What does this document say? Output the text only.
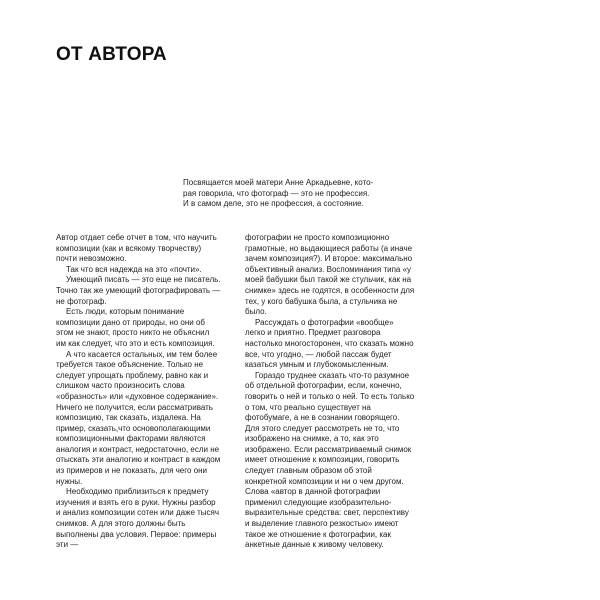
ОТ АВТОРА

Посвящается моей матери Анне Аркадьевне, кото-

рая говорила, что фотограф — это не профессия.

И в самом деле, это не профессия, а состояние.

Автор отдает себе отчет в том, что научить композиции (как и всякому творчеству) почти невозможно.

Так что вся надежда на это «почти».

Умеющий писать — это еще не писатель. Точно так же умеющий фотографировать — не фотограф.

Есть люди, которым понимание композиции дано от природы, но они об этом не знают, просто никто не объяснил им как следует, что это и есть композиция.

А что касается остальных, им тем более требуется такое объяснение. Только не следует упрощать проблему, равно как и слишком часто произносить слова «образность» или «духовное содержание». Ничего не получится, если рассматривать композицию, так сказать, издалека. На пример, сказать,что основополагающими композиционными факторами являются аналогия и контраст, недостаточно, если не отыскать эти аналогию и контраст в каждом из примеров и не показать, для чего они нужны.

Необходимо приблизиться к предмету изучения и взять его в руки. Нужны разбор и анализ композиции сотен или даже тысяч снимков. А для этого должны быть выполнены два условия. Первое: примеры эти —

фотографии не просто композиционно грамотные, но выдающиеся работы (а иначе зачем композиция?). И второе: максимально объективный анализ. Воспоминания типа «у моей бабушки был такой же стульчик, как на снимке» здесь не годятся, в особенности для тех, у кого бабушка была, а стульчика не было.

Рассуждать о фотографии «вообще» легко и приятно. Предмет разговора настолько многосторонен, что сказать можно все, что угодно, — любой пассаж будет казаться умным и глубокомысленным.

Гораздо труднее сказать что-то разумное об отдельной фотографии, если, конечно, говорить о ней и только о ней. То есть только о том, что реально существует на фотобумаге, а не в сознании говорящего. Для этого следует рассмотреть не то, что изображено на снимке, а то, как это изображено. Если рассматриваемый снимок имеет отношение к композиции, говорить следует главным образом об этой конкретной композиции и ни о чем другом. Слова «автор в данной фотографии применил следующие изобразительно-выразительные средства: свет, перспективу и выделение главного резкостью» имеют такое же отношение к фотографии, как анкетные данные к живому человеку.
